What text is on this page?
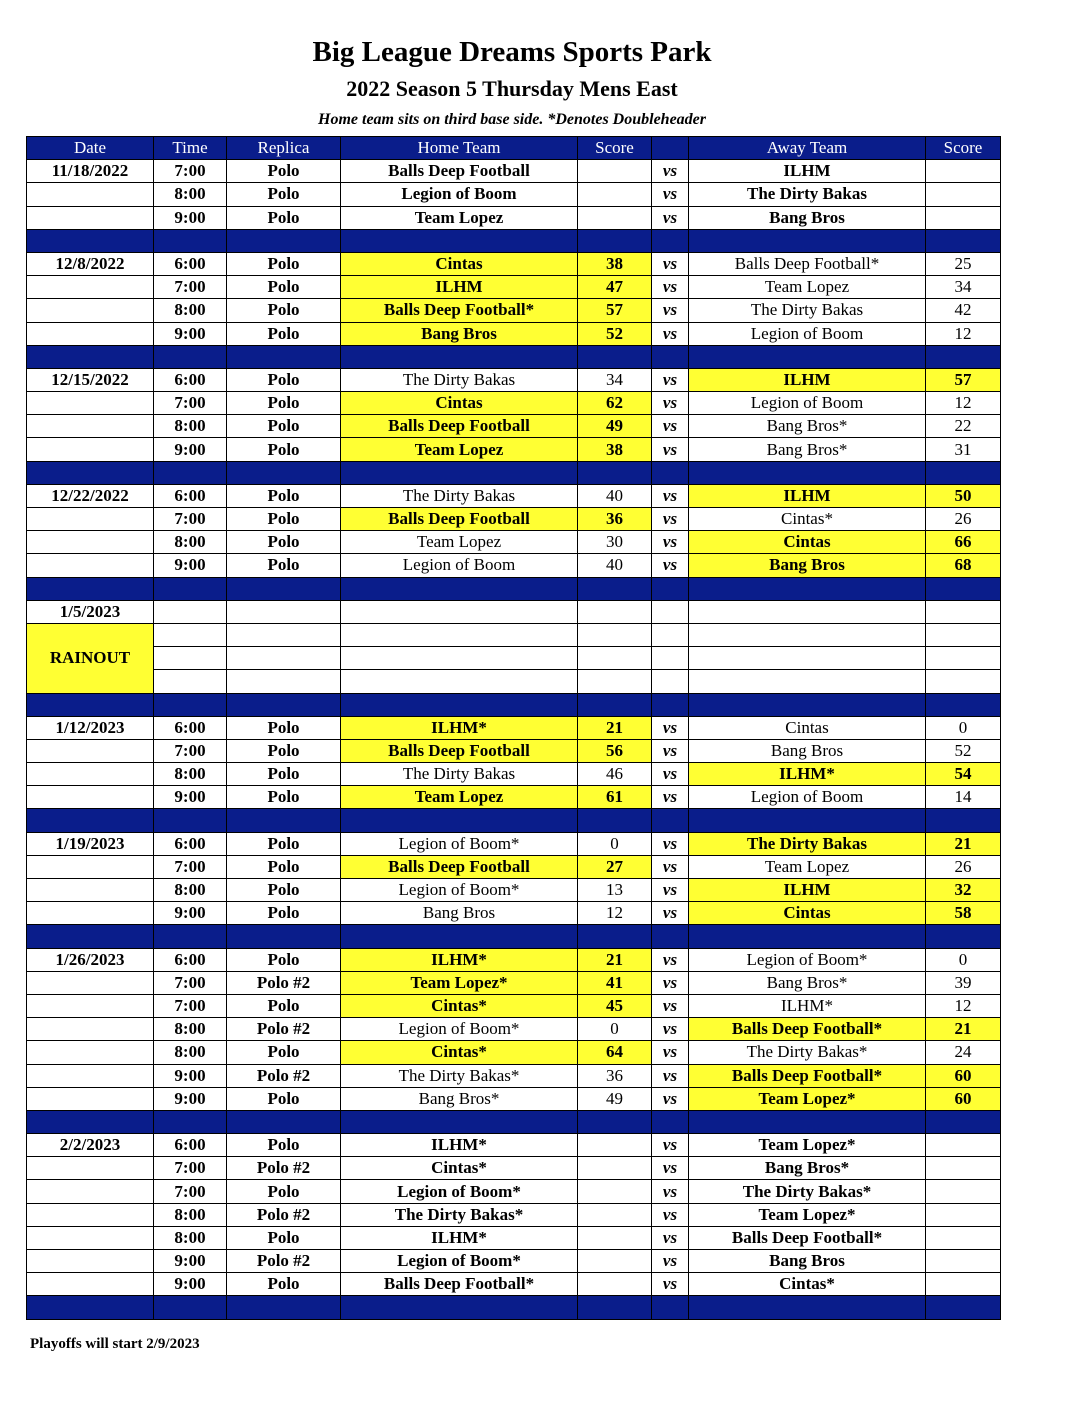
Big League Dreams Sports Park
2022 Season 5 Thursday Mens East
Home team sits on third base side. *Denotes Doubleheader
Date	Time	Replica	Home Team	Score		Away Team	Score
11/18/2022	7:00	Polo	Balls Deep Football		vs	ILHM	
	8:00	Polo	Legion of Boom		vs	The Dirty Bakas	
	9:00	Polo	Team Lopez		vs	Bang Bros	

12/8/2022	6:00	Polo	Cintas	38	vs	Balls Deep Football*	25
	7:00	Polo	ILHM	47	vs	Team Lopez	34
	8:00	Polo	Balls Deep Football*	57	vs	The Dirty Bakas	42
	9:00	Polo	Bang Bros	52	vs	Legion of Boom	12

12/15/2022	6:00	Polo	The Dirty Bakas	34	vs	ILHM	57
	7:00	Polo	Cintas	62	vs	Legion of Boom	12
	8:00	Polo	Balls Deep Football	49	vs	Bang Bros*	22
	9:00	Polo	Team Lopez	38	vs	Bang Bros*	31

12/22/2022	6:00	Polo	The Dirty Bakas	40	vs	ILHM	50
	7:00	Polo	Balls Deep Football	36	vs	Cintas*	26
	8:00	Polo	Team Lopez	30	vs	Cintas	66
	9:00	Polo	Legion of Boom	40	vs	Bang Bros	68

1/5/2023							
RAINOUT							

1/12/2023	6:00	Polo	ILHM*	21	vs	Cintas	0
	7:00	Polo	Balls Deep Football	56	vs	Bang Bros	52
	8:00	Polo	The Dirty Bakas	46	vs	ILHM*	54
	9:00	Polo	Team Lopez	61	vs	Legion of Boom	14

1/19/2023	6:00	Polo	Legion of Boom*	0	vs	The Dirty Bakas	21
	7:00	Polo	Balls Deep Football	27	vs	Team Lopez	26
	8:00	Polo	Legion of Boom*	13	vs	ILHM	32
	9:00	Polo	Bang Bros	12	vs	Cintas	58

1/26/2023	6:00	Polo	ILHM*	21	vs	Legion of Boom*	0
	7:00	Polo #2	Team Lopez*	41	vs	Bang Bros*	39
	7:00	Polo	Cintas*	45	vs	ILHM*	12
	8:00	Polo #2	Legion of Boom*	0	vs	Balls Deep Football*	21
	8:00	Polo	Cintas*	64	vs	The Dirty Bakas*	24
	9:00	Polo #2	The Dirty Bakas*	36	vs	Balls Deep Football*	60
	9:00	Polo	Bang Bros*	49	vs	Team Lopez*	60

2/2/2023	6:00	Polo	ILHM*		vs	Team Lopez*	
	7:00	Polo #2	Cintas*		vs	Bang Bros*	
	7:00	Polo	Legion of Boom*		vs	The Dirty Bakas*	
	8:00	Polo #2	The Dirty Bakas*		vs	Team Lopez*	
	8:00	Polo	ILHM*		vs	Balls Deep Football*	
	9:00	Polo #2	Legion of Boom*		vs	Bang Bros	
	9:00	Polo	Balls Deep Football*		vs	Cintas*	

Playoffs will start 2/9/2023
